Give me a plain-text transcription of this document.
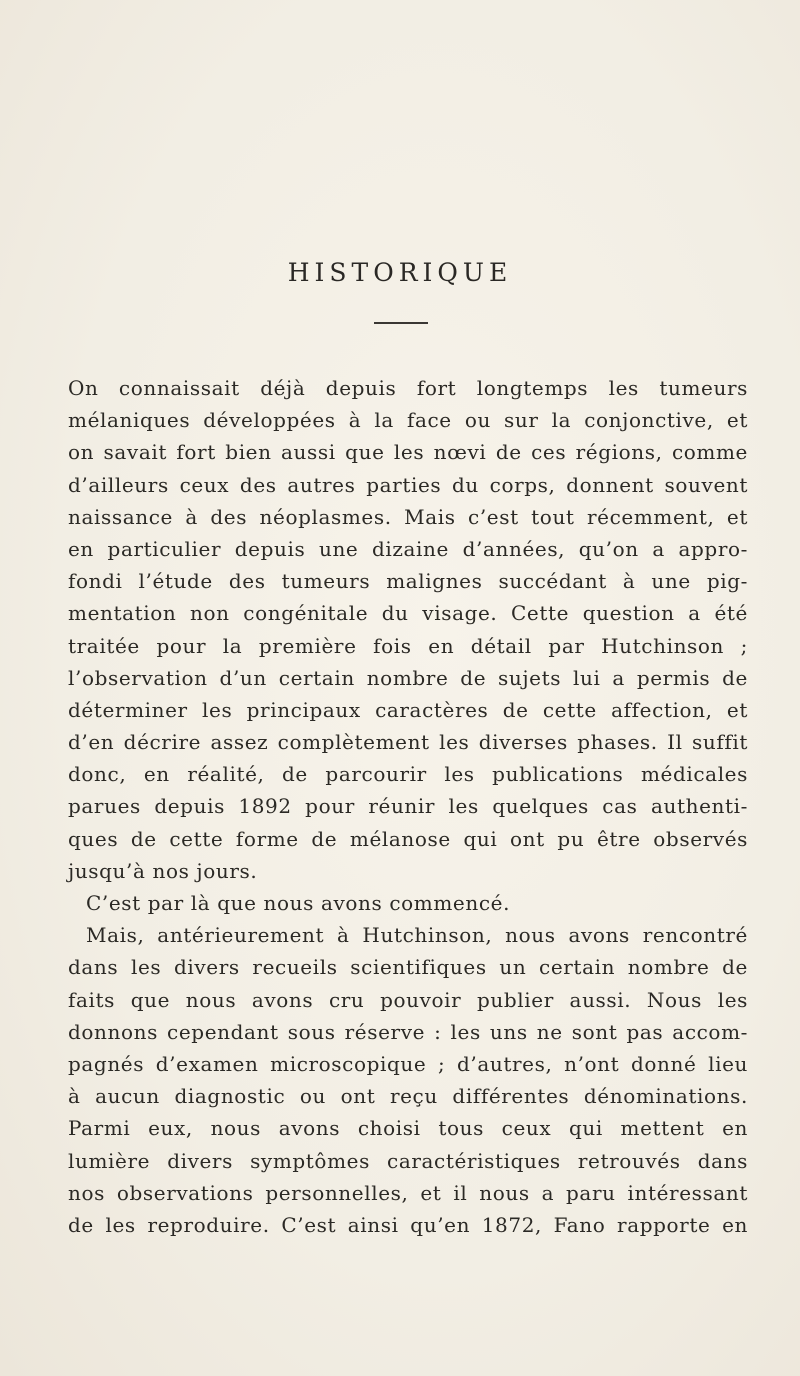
HISTORIQUE
On connaissait déjà depuis fort longtemps les tumeurs
mélaniques développées à la face ou sur la conjonctive, et
on savait fort bien aussi que les nœvi de ces régions, comme
d’ailleurs ceux des autres parties du corps, donnent souvent
naissance à des néoplasmes. Mais c’est tout récemment, et
en particulier depuis une dizaine d’années, qu’on a appro-
fondi l’étude des tumeurs malignes succédant à une pig-
mentation non congénitale du visage. Cette question a été
traitée pour la première fois en détail par Hutchinson ;
l’observation d’un certain nombre de sujets lui a permis de
déterminer les principaux caractères de cette affection, et
d’en décrire assez complètement les diverses phases. Il suffit
donc, en réalité, de parcourir les publications médicales
parues depuis 1892 pour réunir les quelques cas authenti-
ques de cette forme de mélanose qui ont pu être observés
jusqu’à nos jours.
C’est par là que nous avons commencé.
Mais, antérieurement à Hutchinson, nous avons rencontré
dans les divers recueils scientifiques un certain nombre de
faits que nous avons cru pouvoir publier aussi. Nous les
donnons cependant sous réserve : les uns ne sont pas accom-
pagnés d’examen microscopique ; d’autres, n’ont donné lieu
à aucun diagnostic ou ont reçu différentes dénominations.
Parmi eux, nous avons choisi tous ceux qui mettent en
lumière divers symptômes caractéristiques retrouvés dans
nos observations personnelles, et il nous a paru intéressant
de les reproduire. C’est ainsi qu’en 1872, Fano rapporte en
